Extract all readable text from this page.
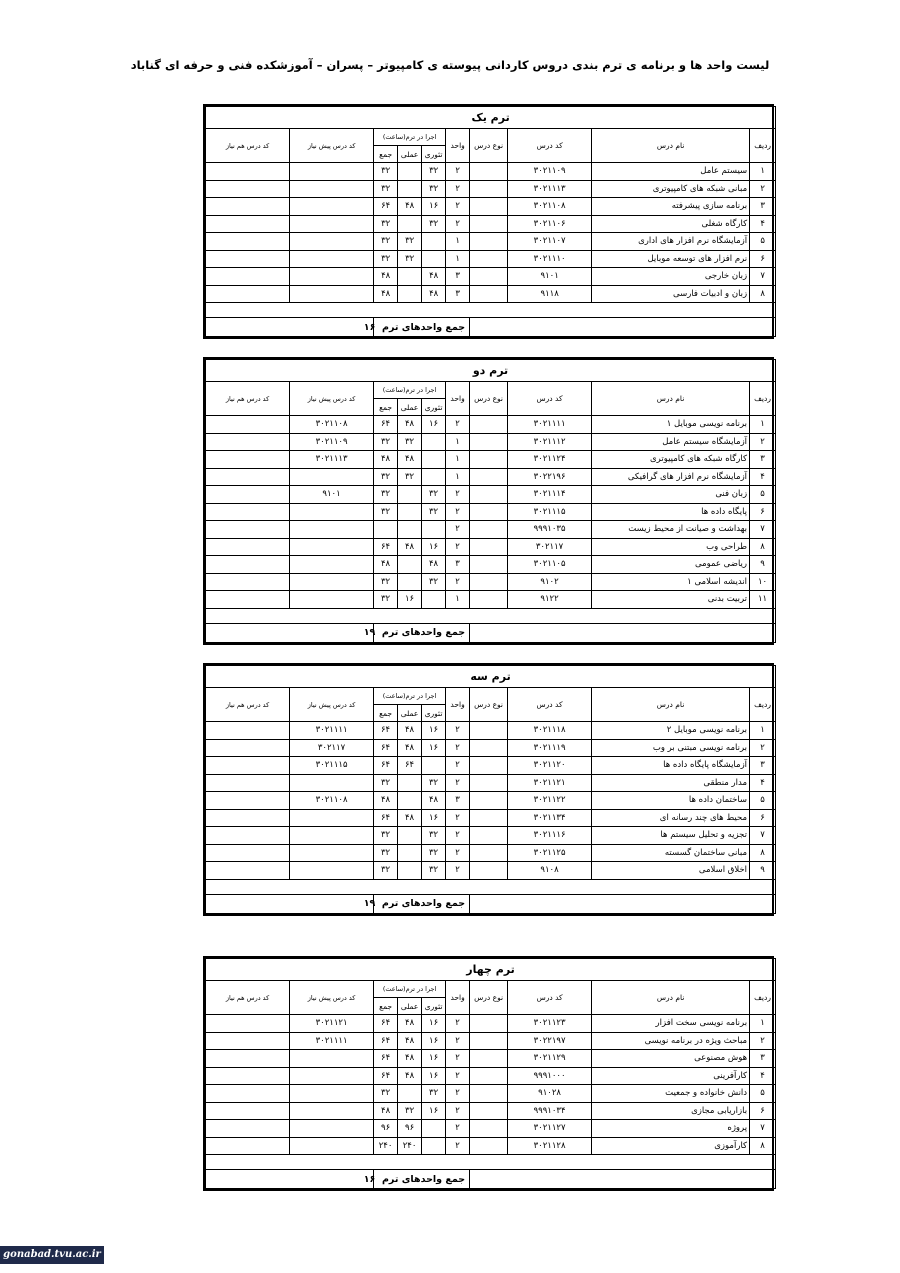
لیست واحد ها و برنامه ی ترم بندی دروس کاردانی پیوسته ی کامپیوتر – پسران – آموزشکده فنی و حرفه ای گناباد
ترم یک									
ردیف	نام درس	کد درس	نوع درس	واحد	اجرا در ترم(ساعت)			کد درس پیش نیاز	کد درس هم نیاز
					تئوری	عملی	جمع		
۱	سیستم عامل	۳۰۲۱۱۰۹		۲	۳۲		۳۲		
۲	مبانی شبکه های کامپیوتری	۳۰۲۱۱۱۳		۲	۳۲		۳۲		
۳	برنامه سازی پیشرفته	۳۰۲۱۱۰۸		۲	۱۶	۴۸	۶۴		
۴	کارگاه شغلی	۳۰۲۱۱۰۶		۲	۳۲		۳۲		
۵	آزمایشگاه نرم افزار های اداری	۳۰۲۱۱۰۷		۱		۳۲	۳۲		
۶	نرم افزار های توسعه موبایل	۳۰۲۱۱۱۰		۱		۳۲	۳۲		
۷	زبان خارجی	۹۱۰۱		۳	۴۸		۴۸		
۸	زبان و ادبیات فارسی	۹۱۱۸		۳	۴۸		۴۸		

				جمع واحدهای ترم  ۱۶					
ترم دو									
ردیف	نام درس	کد درس	نوع درس	واحد	اجرا در ترم(ساعت)			کد درس پیش نیاز	کد درس هم نیاز
					تئوری	عملی	جمع		
۱	برنامه نویسی موبایل ۱	۳۰۲۱۱۱۱		۲	۱۶	۴۸	۶۴	۳۰۲۱۱۰۸	
۲	آزمایشگاه سیستم عامل	۳۰۲۱۱۱۲		۱		۳۲	۳۲	۳۰۲۱۱۰۹	
۳	کارگاه شبکه های کامپیوتری	۳۰۲۱۱۲۴		۱		۴۸	۴۸	۳۰۲۱۱۱۳	
۴	آزمایشگاه نرم افزار های گرافیکی	۳۰۲۲۱۹۶		۱		۳۲	۳۲		
۵	زبان فنی	۳۰۲۱۱۱۴		۲	۳۲		۳۲	۹۱۰۱	
۶	پایگاه داده ها	۳۰۲۱۱۱۵		۲	۳۲		۳۲		
۷	بهداشت و صیانت از محیط زیست	۹۹۹۱۰۳۵		۲					
۸	طراحی وب	۳۰۲۱۱۷		۲	۱۶	۴۸	۶۴		
۹	ریاضی عمومی	۳۰۲۱۱۰۵		۳	۴۸		۴۸		
۱۰	اندیشه اسلامی ۱	۹۱۰۲		۲	۳۲		۳۲		
۱۱	تربیت بدنی	۹۱۲۲		۱		۱۶	۳۲		

				جمع واحدهای ترم  ۱۹					
ترم سه									
ردیف	نام درس	کد درس	نوع درس	واحد	اجرا در ترم(ساعت)			کد درس پیش نیاز	کد درس هم نیاز
					تئوری	عملی	جمع		
۱	برنامه نویسی موبایل ۲	۳۰۲۱۱۱۸		۲	۱۶	۴۸	۶۴	۳۰۲۱۱۱۱	
۲	برنامه نویسی مبتنی بر وب	۳۰۲۱۱۱۹		۲	۱۶	۴۸	۶۴	۳۰۲۱۱۷	
۳	آزمایشگاه پایگاه داده ها	۳۰۲۱۱۲۰		۲		۶۴	۶۴	۳۰۲۱۱۱۵	
۴	مدار منطقی	۳۰۲۱۱۲۱		۲	۳۲		۳۲		
۵	ساختمان داده ها	۳۰۲۱۱۲۲		۳	۴۸		۴۸	۳۰۲۱۱۰۸	
۶	محیط های چند رسانه ای	۳۰۲۱۱۳۴		۲	۱۶	۴۸	۶۴		
۷	تجزیه و تحلیل سیستم ها	۳۰۲۱۱۱۶		۲	۳۲		۳۲		
۸	مبانی ساختمان گسسته	۳۰۲۱۱۲۵		۲	۳۲		۳۲		
۹	اخلاق اسلامی	۹۱۰۸		۲	۳۲		۳۲		

				جمع واحدهای ترم  ۱۹					
ترم چهار									
ردیف	نام درس	کد درس	نوع درس	واحد	اجرا در ترم(ساعت)			کد درس پیش نیاز	کد درس هم نیاز
					تئوری	عملی	جمع		
۱	برنامه نویسی سخت افزار	۳۰۲۱۱۲۳		۲	۱۶	۴۸	۶۴	۳۰۲۱۱۲۱	
۲	مباحث ویژه در برنامه نویسی	۳۰۲۲۱۹۷		۲	۱۶	۴۸	۶۴	۳۰۲۱۱۱۱	
۳	هوش مصنوعی	۳۰۲۱۱۲۹		۲	۱۶	۴۸	۶۴		
۴	کارآفرینی	۹۹۹۱۰۰۰		۲	۱۶	۴۸	۶۴		
۵	دانش خانواده و جمعیت	۹۱۰۲۸		۲	۳۲		۳۲		
۶	بازاریابی مجازی	۹۹۹۱۰۳۴		۲	۱۶	۳۲	۴۸		
۷	پروژه	۳۰۲۱۱۲۷		۲		۹۶	۹۶		
۸	کارآموزی	۳۰۲۱۱۲۸		۲		۲۴۰	۲۴۰		

				جمع واحدهای ترم  ۱۶					
gonabad.tvu.ac.ir
